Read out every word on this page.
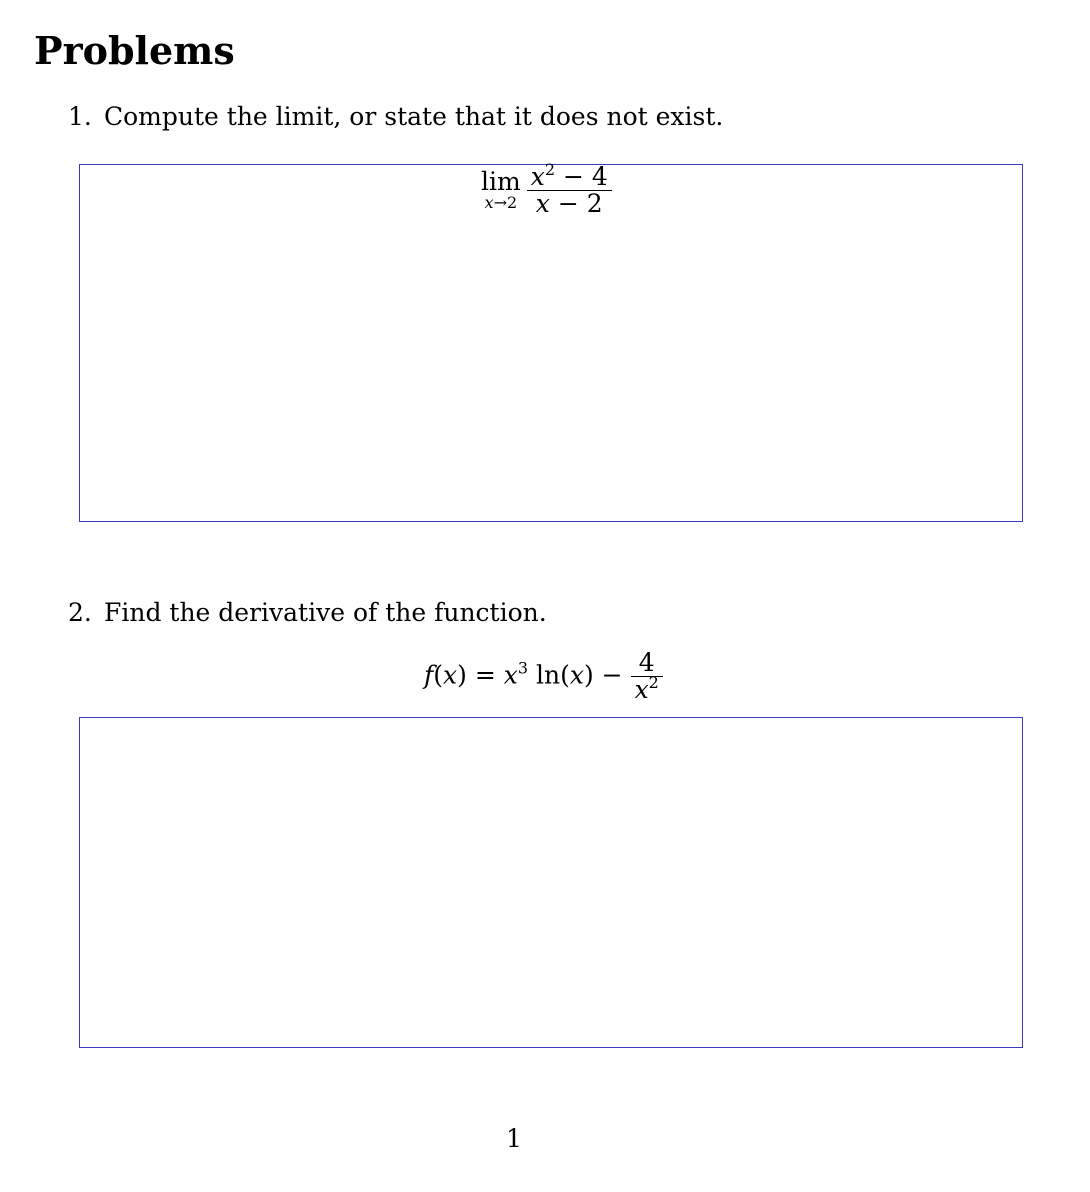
Problems
1. Compute the limit, or state that it does not exist.
lim
$x\to 2 \frac{x^2 - 4}{x - 2}$
2. Find the derivative of the function.
$f(x) = x^3$ $\ln(x) - \frac{4}{x^2}$
1
